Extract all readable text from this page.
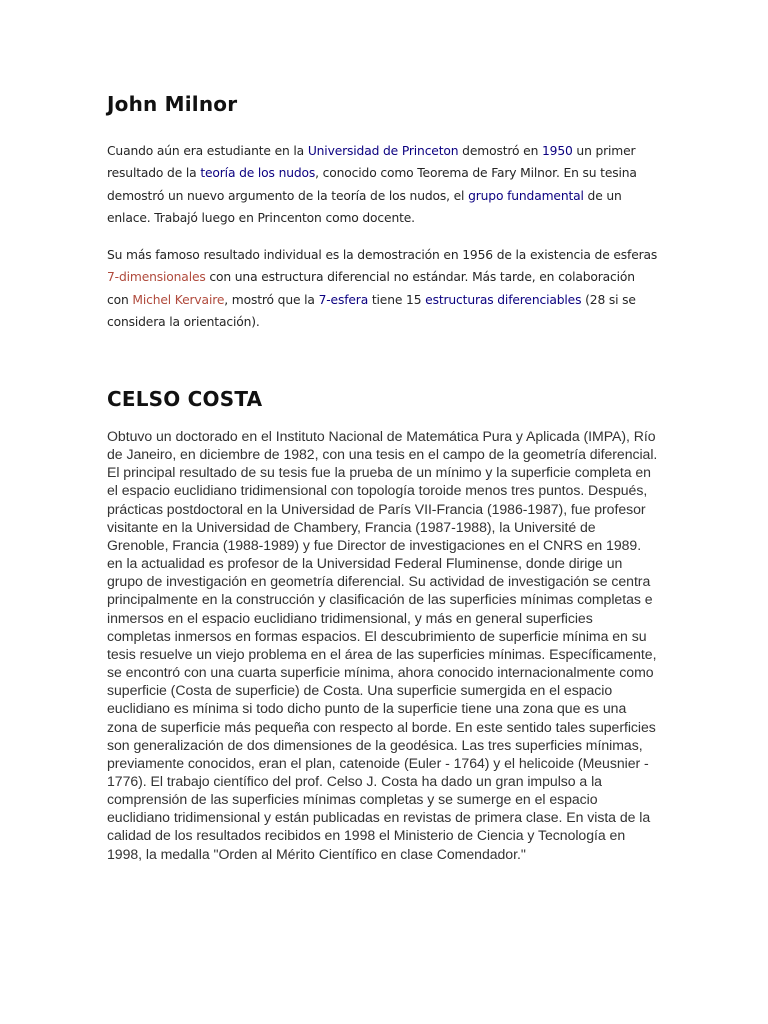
John Milnor

Cuando aún era estudiante en la Universidad de Princeton demostró en 1950 un primer resultado de la teoría de los nudos, conocido como Teorema de Fary Milnor. En su tesina demostró un nuevo argumento de la teoría de los nudos, el grupo fundamental de un enlace. Trabajó luego en Princenton como docente.

Su más famoso resultado individual es la demostración en 1956 de la existencia de esferas 7-dimensionales con una estructura diferencial no estándar. Más tarde, en colaboración con Michel Kervaire, mostró que la 7-esfera tiene 15 estructuras diferenciables (28 si se considera la orientación).

CELSO COSTA

Obtuvo un doctorado en el Instituto Nacional de Matemática Pura y Aplicada (IMPA), Río de Janeiro, en diciembre de 1982, con una tesis en el campo de la geometría diferencial. El principal resultado de su tesis fue la prueba de un mínimo y la superficie completa en el espacio euclidiano tridimensional con topología toroide menos tres puntos. Después, prácticas postdoctoral en la Universidad de París VII-Francia (1986-1987), fue profesor visitante en la Universidad de Chambery, Francia (1987-1988), la Université de Grenoble, Francia (1988-1989) y fue Director de investigaciones en el CNRS en 1989. en la actualidad es profesor de la Universidad Federal Fluminense, donde dirige un grupo de investigación en geometría diferencial. Su actividad de investigación se centra principalmente en la construcción y clasificación de las superficies mínimas completas e inmersos en el espacio euclidiano tridimensional, y más en general superficies completas inmersos en formas espacios. El descubrimiento de superficie mínima en su tesis resuelve un viejo problema en el área de las superficies mínimas. Específicamente, se encontró con una cuarta superficie mínima, ahora conocido internacionalmente como superficie (Costa de superficie) de Costa. Una superficie sumergida en el espacio euclidiano es mínima si todo dicho punto de la superficie tiene una zona que es una zona de superficie más pequeña con respecto al borde. En este sentido tales superficies son generalización de dos dimensiones de la geodésica. Las tres superficies mínimas, previamente conocidos, eran el plan, catenoide (Euler - 1764) y el helicoide (Meusnier - 1776). El trabajo científico del prof. Celso J. Costa ha dado un gran impulso a la comprensión de las superficies mínimas completas y se sumerge en el espacio euclidiano tridimensional y están publicadas en revistas de primera clase. En vista de la calidad de los resultados recibidos en 1998 el Ministerio de Ciencia y Tecnología en 1998, la medalla "Orden al Mérito Científico en clase Comendador."
